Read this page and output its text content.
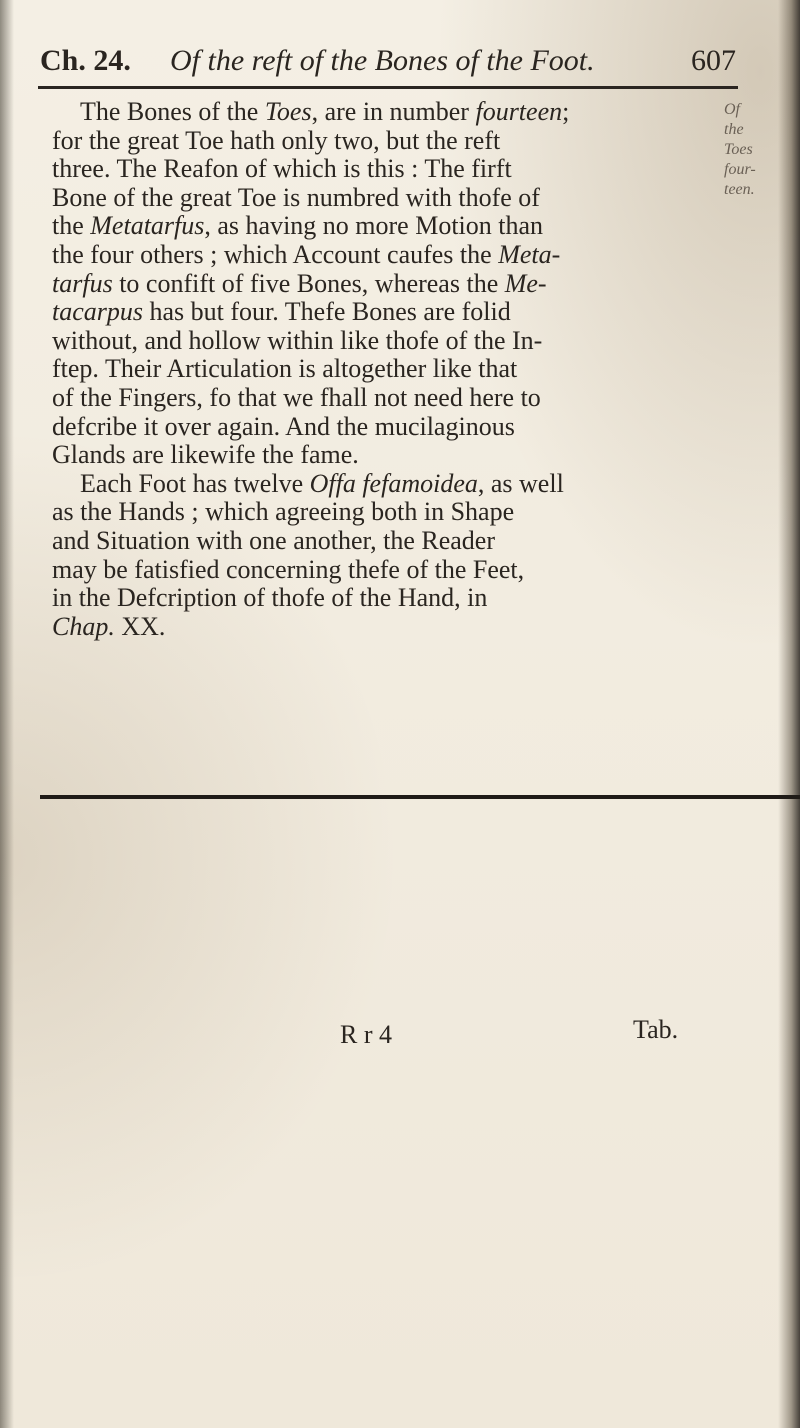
Ch. 24. Of the reft of the Bones of the Foot.	607
Of
the
Toes
four-
teen.
The Bones of the Toes, are in number fourteen;
for the great Toe hath only two, but the reft
three. The Reafon of which is this : The firft
Bone of the great Toe is numbred with thofe of
the Metatarfus, as having no more Motion than
the four others ; which Account caufes the Meta-
tarfus to confift of five Bones, whereas the Me-
tacarpus has but four. Thefe Bones are folid
without, and hollow within like thofe of the In-
ftep. Their Articulation is altogether like that
of the Fingers, fo that we fhall not need here to
defcribe it over again. And the mucilaginous
Glands are likewife the fame.
Each Foot has twelve Offa fefamoidea, as well
as the Hands ; which agreeing both in Shape
and Situation with one another, the Reader
may be fatisfied concerning thefe of the Feet,
in the Defcription of thofe of the Hand, in
Chap. XX.
R r 4	Tab.
